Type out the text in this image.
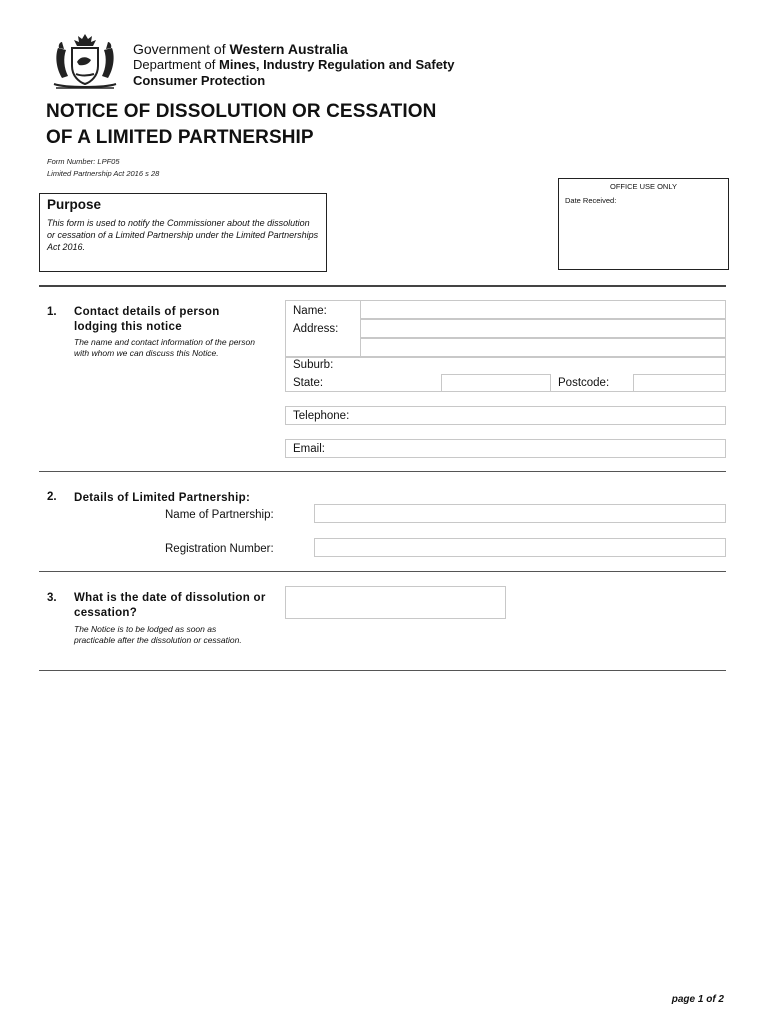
Government of Western Australia
Department of Mines, Industry Regulation and Safety
Consumer Protection
NOTICE OF DISSOLUTION OR CESSATION
OF A LIMITED PARTNERSHIP
Form Number: LPF05
Limited Partnership Act 2016 s 28
OFFICE USE ONLY
Date Received:
Purpose
This form is used to notify the Commissioner about the dissolution or cessation of a Limited Partnership under the Limited Partnerships Act 2016.
1. Contact details of person lodging this notice
The name and contact information of the person with whom we can discuss this Notice.
Name:
Address:
Suburb:
State:	Postcode:
Telephone:
Email:
2. Details of Limited Partnership:
Name of Partnership:
Registration Number:
3. What is the date of dissolution or cessation?
The Notice is to be lodged as soon as practicable after the dissolution or cessation.
page 1 of 2
